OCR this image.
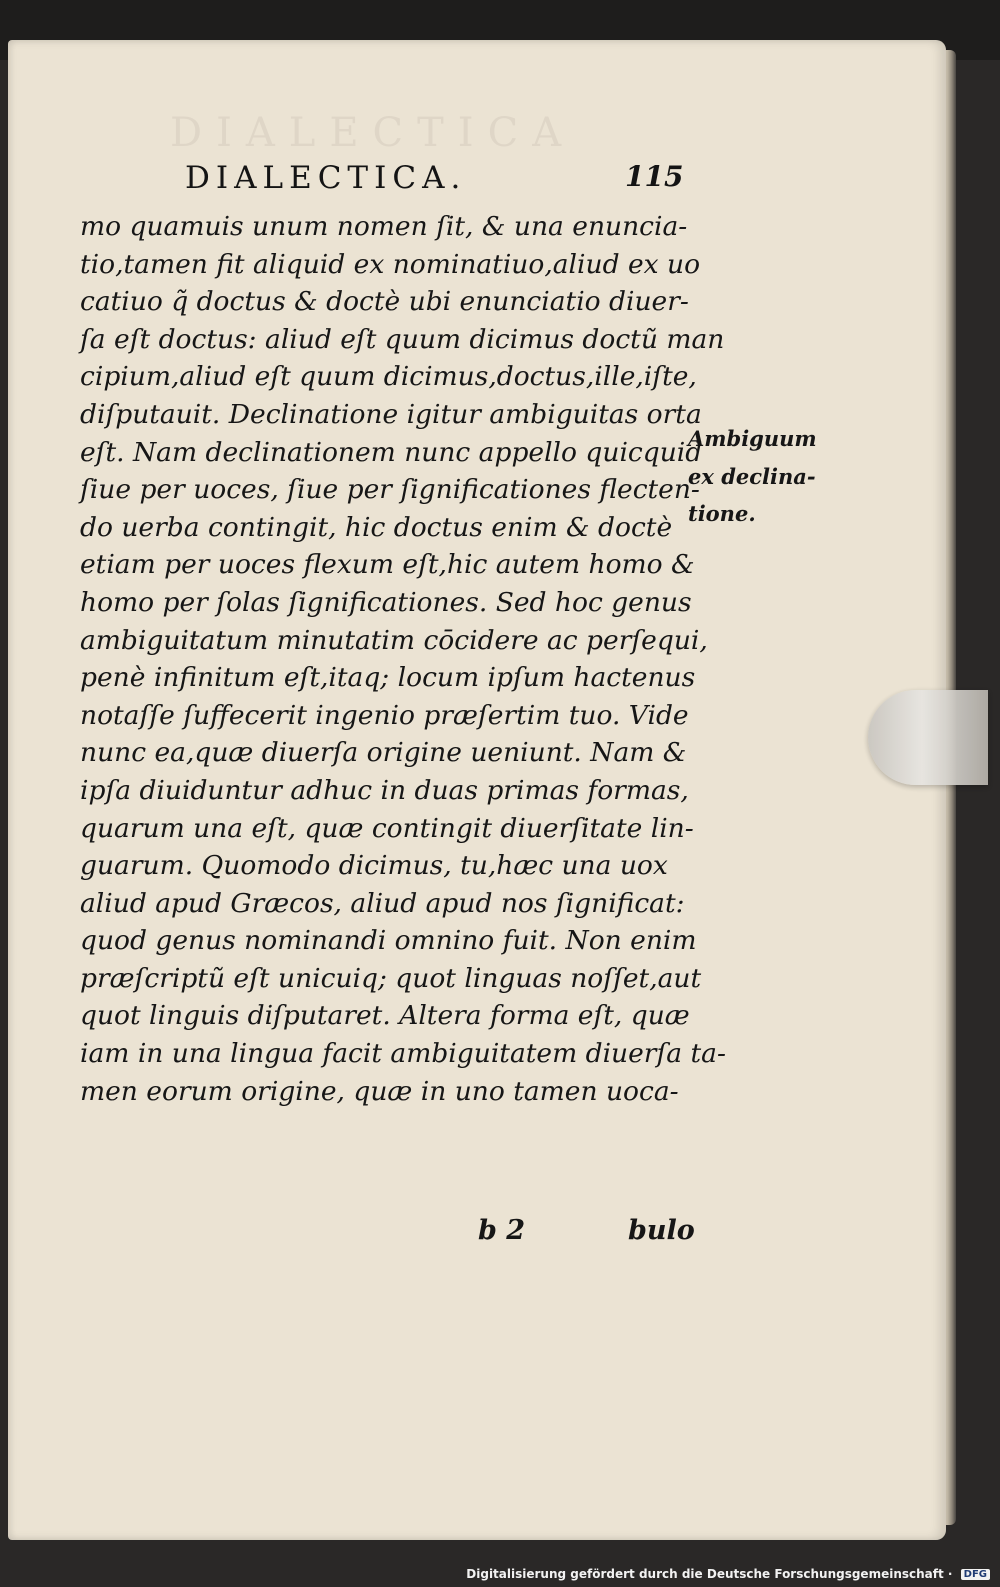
DIALECTICA
DIALECTICA.	115
mo quamuis unum nomen ſit, & una enuncia-
tio,tamen fit aliquid ex nominatiuo,aliud ex uo
catiuo q̃ doctus & doctè ubi enunciatio diuer-
ſa eſt doctus: aliud eſt quum dicimus doctũ man
cipium,aliud eſt quum dicimus,doctus,ille,iſte,
diſputauit. Declinatione igitur ambiguitas orta
eſt. Nam declinationem nunc appello quicquid
ſiue per uoces, ſiue per ſignificationes flecten-
do uerba contingit, hic doctus enim & doctè
etiam per uoces flexum eſt,hic autem homo &
homo per ſolas ſignificationes. Sed hoc genus
ambiguitatum minutatim cōcidere ac perſequi,
penè infinitum eſt,itaq; locum ipſum hactenus
notaſſe ſuffecerit ingenio præſertim tuo. Vide
nunc ea,quæ diuerſa origine ueniunt. Nam &
ipſa diuiduntur adhuc in duas primas formas,
quarum una eſt, quæ contingit diuerſitate lin-
guarum. Quomodo dicimus, tu,hæc una uox
aliud apud Græcos, aliud apud nos ſignificat:
quod genus nominandi omnino fuit. Non enim
præſcriptũ eſt unicuiq; quot linguas noſſet,aut
quot linguis diſputaret. Altera forma eſt, quæ
iam in una lingua facit ambiguitatem diuerſa ta-
men eorum origine, quæ in uno tamen uoca-
Ambiguum
ex declina-
tione.
b 2	bulo
Digitalisierung gefördert durch die Deutsche Forschungsgemeinschaft · DFG
